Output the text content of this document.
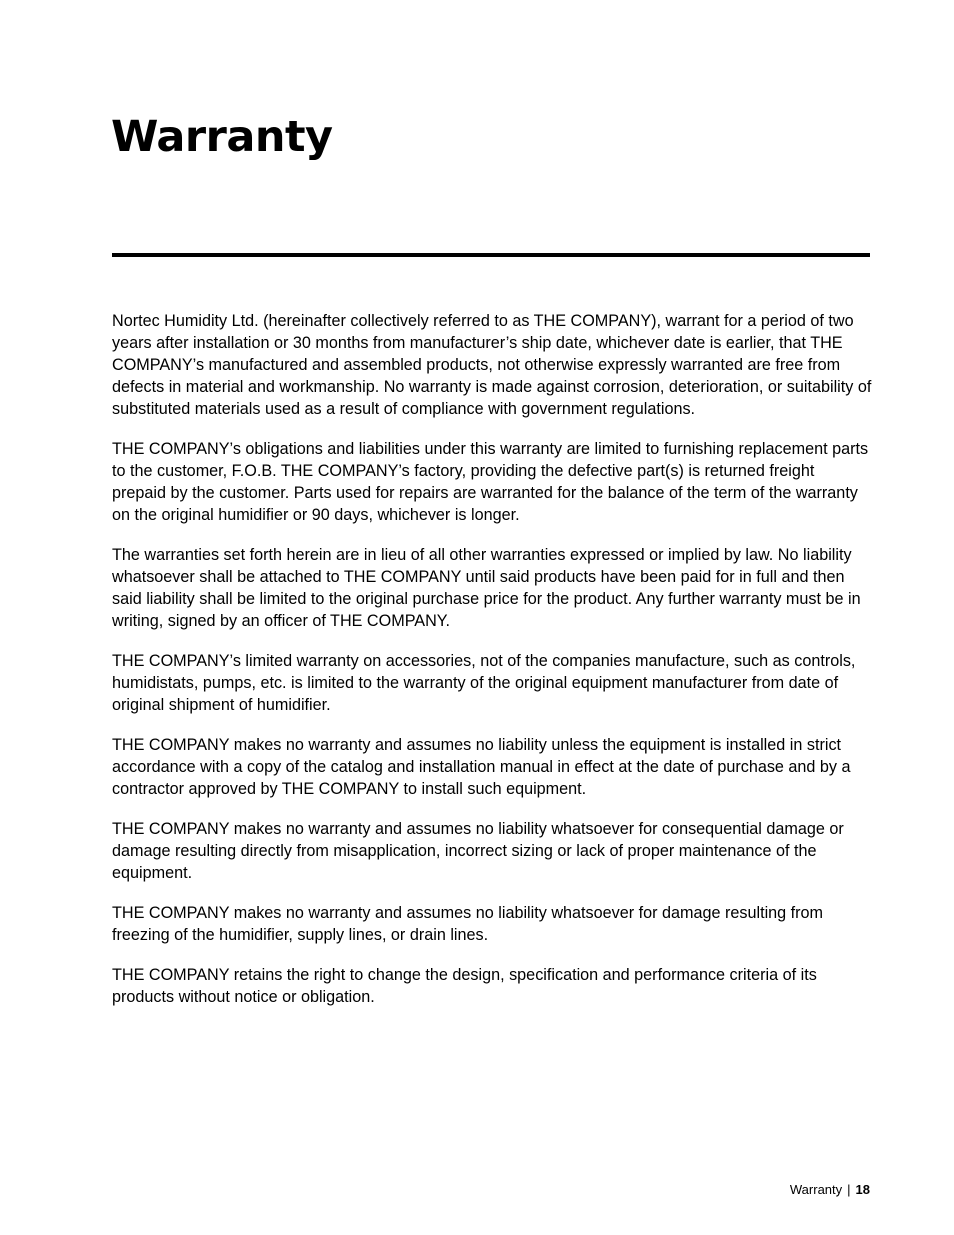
Warranty

Nortec Humidity Ltd. (hereinafter collectively referred to as THE COMPANY), warrant for a period of two years after installation or 30 months from manufacturer’s ship date, whichever date is earlier, that THE COMPANY’s manufactured and assembled products, not otherwise expressly warranted are free from defects in material and workmanship. No warranty is made against corrosion, deterioration, or suitability of substituted materials used as a result of compliance with government regulations.

THE COMPANY’s obligations and liabilities under this warranty are limited to furnishing replacement parts to the customer, F.O.B. THE COMPANY’s factory, providing the defective part(s) is returned freight prepaid by the customer. Parts used for repairs are warranted for the balance of the term of the warranty on the original humidifier or 90 days, whichever is longer.

The warranties set forth herein are in lieu of all other warranties expressed or implied by law. No liability whatsoever shall be attached to THE COMPANY until said products have been paid for in full and then said liability shall be limited to the original purchase price for the product. Any further warranty must be in writing, signed by an officer of THE COMPANY.

THE COMPANY’s limited warranty on accessories, not of the companies manufacture, such as controls, humidistats, pumps, etc. is limited to the warranty of the original equipment manufacturer from date of original shipment of humidifier.

THE COMPANY makes no warranty and assumes no liability unless the equipment is installed in strict accordance with a copy of the catalog and installation manual in effect at the date of purchase and by a contractor approved by THE COMPANY to install such equipment.

THE COMPANY makes no warranty and assumes no liability whatsoever for consequential damage or damage resulting directly from misapplication, incorrect sizing or lack of proper maintenance of the equipment.

THE COMPANY makes no warranty and assumes no liability whatsoever for damage resulting from freezing of the humidifier, supply lines, or drain lines.

THE COMPANY retains the right to change the design, specification and performance criteria of its products without notice or obligation.

Warranty | 18
